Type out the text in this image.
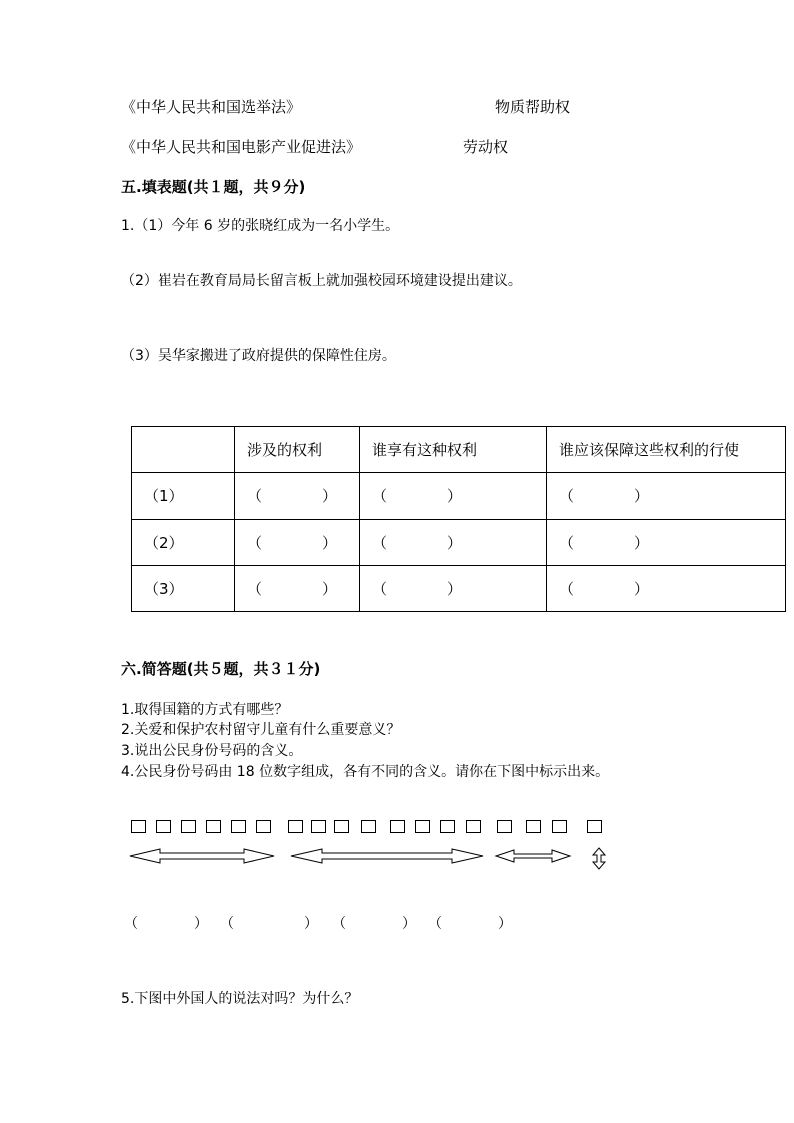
《中华人民共和国选举法》	物质帮助权
《中华人民共和国电影产业促进法》	劳动权
五.填表题(共１题，共９分)
1.（1）今年 6 岁的张晓红成为一名小学生。
（2）崔岩在教育局局长留言板上就加强校园环境建设提出建议。
（3）吴华家搬进了政府提供的保障性住房。
	涉及的权利	谁享有这种权利	谁应该保障这些权利的行使
（1）	（　　　　）	（　　　　）	（　　　　）
（2）	（　　　　）	（　　　　）	（　　　　）
（3）	（　　　　）	（　　　　）	（　　　　）
六.简答题(共５题，共３１分)
1.取得国籍的方式有哪些？
2.关爱和保护农村留守儿童有什么重要意义？
3.说出公民身份号码的含义。
4.公民身份号码由 18 位数字组成，各有不同的含义。请你在下图中标示出来。
（　　　　） （　　　　　） （　　　　） （　　　　）
5.下图中外国人的说法对吗？为什么？
